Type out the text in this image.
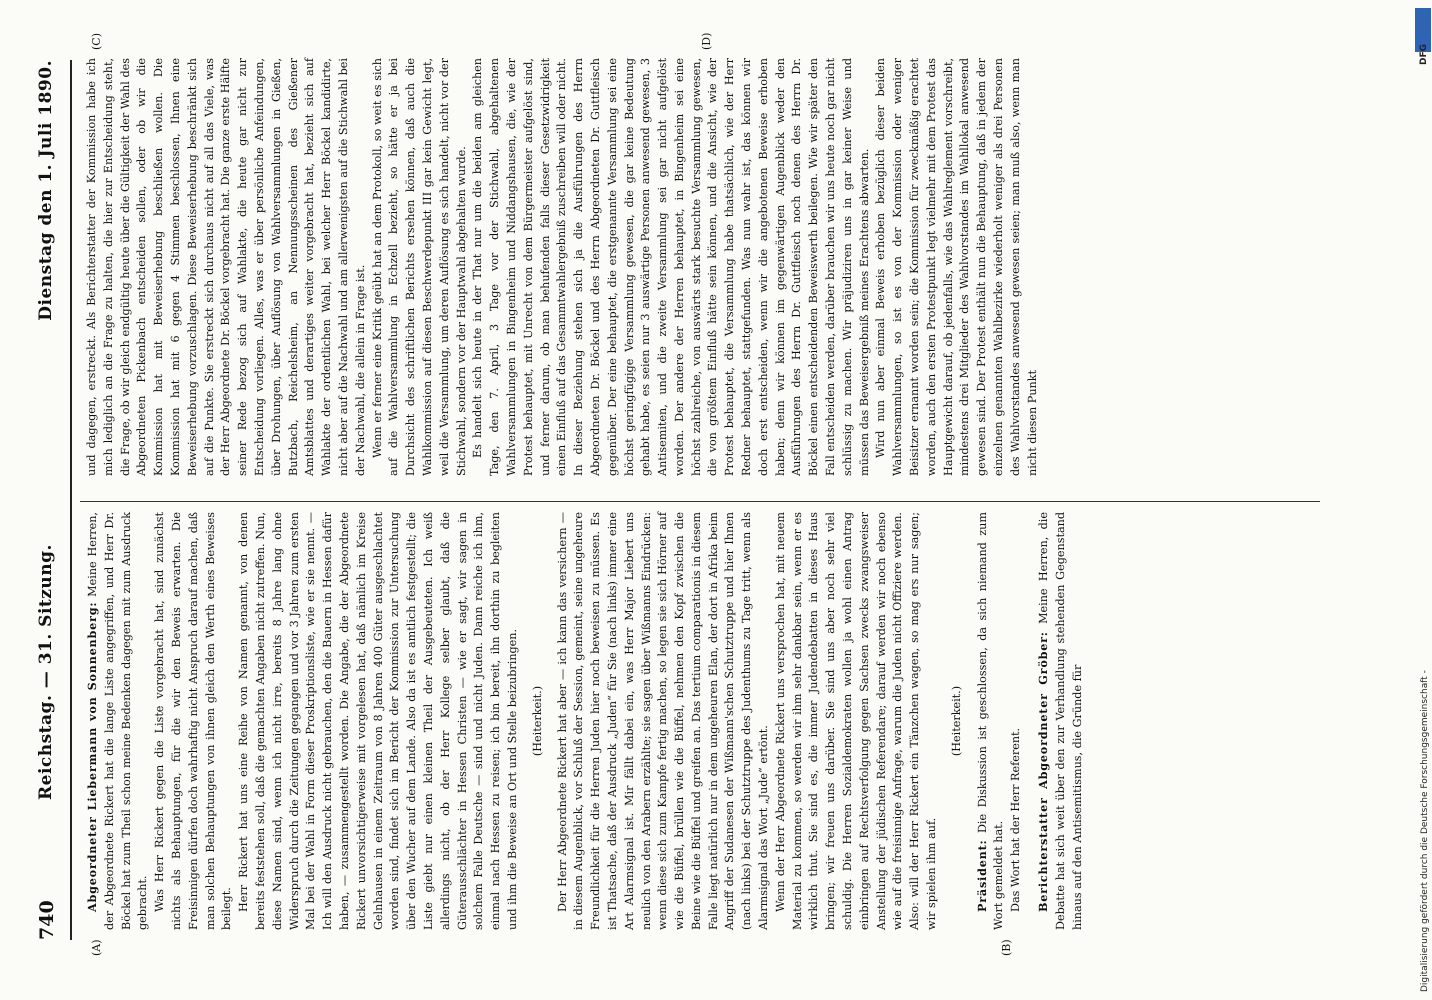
740
Reichstag. — 31. Sitzung.
Dienstag den 1. Juli 1890.
(A)	(B)
(C)	(D)

Abgeordneter Liebermann von Sonnenberg: Meine Herren, der Abgeordnete Rickert hat die lange Liste angegriffen, und Herr Dr. Böckel hat zum Theil schon meine Bedenken dagegen mit zum Ausdruck gebracht. Was Herr Rickert gegen die Liste vorgebracht hat, sind zunächst nichts als Behauptungen, für die wir den Beweis erwarten. Die Freisinnigen dürfen doch wahrhaftig nicht Anspruch darauf machen, daß man solchen Behauptungen von ihnen gleich den Werth eines Beweises beilegt. Herr Rickert hat uns eine Reihe von Namen genannt, von denen bereits feststehen soll, daß die gemachten Angaben nicht zutreffen. Nun, diese Namen sind, wenn ich nicht irre, bereits 8 Jahre lang ohne Widerspruch durch die Zeitungen gegangen und vor 3 Jahren zum ersten Mal bei der Wahl in Form dieser Proskriptionsliste, wie er sie nennt. — Ich will den Ausdruck nicht gebrauchen, den die Bauern in Hessen dafür haben, — zusammengestellt worden. Die Angabe, die der Abgeordnete Rickert unvorsichtigerweise mit vorgelesen hat, daß nämlich im Kreise Gelnhausen in einem Zeitraum von 8 Jahren 400 Güter ausgeschlachtet worden sind, findet sich im Bericht der Kommission zur Untersuchung über den Wucher auf dem Lande. Also da ist es amtlich festgestellt; die Liste giebt nur einen kleinen Theil der Ausgebeuteten. Ich weiß allerdings nicht, ob der Herr Kollege selber glaubt, daß die Güterausschlächter in Hessen Christen — wie er sagt, wir sagen in solchem Falle Deutsche — sind und nicht Juden. Dann reiche ich ihm, einmal nach Hessen zu reisen; ich bin bereit, ihn dorthin zu begleiten und ihm die Beweise an Ort und Stelle beizubringen. (Heiterkeit.) Der Herr Abgeordnete Rickert hat aber — ich kann das versichern — in diesem Augenblick, vor Schluß der Session, gemeint, seine ungeheure Freundlichkeit für die Herren Juden hier noch beweisen zu müssen. Es ist Thatsache, daß der Ausdruck „Juden“ für Sie (nach links) immer eine Art Alarmsignal ist. Mir fällt dabei ein, was Herr Major Liebert uns neulich von den Arabern erzählte; sie sagen über Wißmanns Eindrücken: wenn diese sich zum Kampfe fertig machen, so legen sie sich Hörner auf wie die Büffel, brüllen wie die Büffel, nehmen den Kopf zwischen die Beine wie die Büffel und greifen an. Das tertium comparationis in diesem Falle liegt natürlich nur in dem ungeheuren Elan, der dort in Afrika beim Angriff der Sudanesen der Wißmann'schen Schutztruppe und hier Ihnen (nach links) bei der Schutztruppe des Judenthums zu Tage tritt, wenn als Alarmsignal das Wort „Jude“ ertönt. Wenn der Herr Abgeordnete Rickert uns versprochen hat, mit neuem Material zu kommen, so werden wir ihm sehr dankbar sein, wenn er es wirklich thut. Sie sind es, die immer Judendebatten in dieses Haus bringen; wir freuen uns darüber. Sie sind uns aber noch sehr viel schuldig. Die Herren Sozialdemokraten wollen ja wohl einen Antrag einbringen auf Rechtsverfolgung gegen Sachsen zwecks zwangsweiser Anstellung der jüdischen Referendare; darauf werden wir noch ebenso wie auf die freisinnige Anfrage, warum die Juden nicht Offiziere werden. Also: will der Herr Rickert ein Tänzchen wagen, so mag ers nur sagen; wir spielen ihm auf.

(Heiterkeit.)

Präsident: Die Diskussion ist geschlossen, da sich niemand zum Wort gemeldet hat. Das Wort hat der Herr Referent. Berichterstatter Abgeordneter Gröber: Meine Herren, die Debatte hat sich weit über den zur Verhandlung stehenden Gegenstand hinaus auf den Antisemitismus, die Gründe für

und dagegen, erstreckt. Als Berichterstatter der Kommission habe ich mich lediglich an die Frage zu halten, die hier zur Entscheidung steht, die Frage, ob wir gleich endgültig heute über die Gültigkeit der Wahl des Abgeordneten Pickenbach entscheiden sollen, oder ob wir die Kommission hat mit Beweiserhebung beschließen wollen. Die Kommission hat mit 6 gegen 4 Stimmen beschlossen, Ihnen eine Beweiserhebung vorzuschlagen. Diese Beweiserhebung beschränkt sich auf die Punkte. Sie erstreckt sich durchaus nicht auf all das Viele, was der Herr Abgeordnete Dr. Böckel vorgebracht hat. Die ganze erste Hälfte seiner Rede bezog sich auf Wahlakte, die heute gar nicht zur Entscheidung vorliegen. Alles, was er über persönliche Anfeindungen, über Drohungen, über Auflösung von Wahlversammlungen in Gießen, Butzbach, Reichelsheim, an Nennungsscheinen des Gießener Amtsblattes und derartiges weiter vorgebracht hat, bezieht sich auf Wahlakte der ordentlichen Wahl, bei welcher Herr Böckel kandidirte, nicht aber auf die Nachwahl und am allerwenigsten auf die Stichwahl bei der Nachwahl, die allein in Frage ist. Wenn er ferner eine Kritik geübt hat an dem Protokoll, so weit es sich auf die Wahlversammlung in Echzell bezieht, so hätte er ja bei Durchsicht des schriftlichen Berichts ersehen können, daß auch die Wahlkommission auf diesen Beschwerdepunkt III gar kein Gewicht legt, weil die Versammlung, um deren Auflösung es sich handelt, nicht vor der Stichwahl, sondern vor der Hauptwahl abgehalten wurde. Es handelt sich heute in der That nur um die beiden am gleichen Tage, den 7. April, 3 Tage vor der Stichwahl, abgehaltenen Wahlversammlungen in Bingenheim und Niddangshausen, die, wie der Protest behauptet, mit Unrecht von dem Bürgermeister aufgelöst sind, und ferner darum, ob man behufenden falls dieser Gesetzwidrigkeit einen Einfluß auf das Gesammtwahlergebniß zuschreiben will oder nicht. In dieser Beziehung stehen sich ja die Ausführungen des Herrn Abgeordneten Dr. Böckel und des Herrn Abgeordneten Dr. Guttfleisch gegenüber. Der eine behauptet, die erstgenannte Versammlung sei eine höchst geringfügige Versammlung gewesen, die gar keine Bedeutung gehabt habe, es seien nur 3 auswärtige Personen anwesend gewesen, 3 Antisemiten, und die zweite Versammlung sei gar nicht aufgelöst worden. Der andere der Herren behauptet, in Bingenheim sei eine höchst zahlreiche, von auswärts stark besuchte Versammlung gewesen, die von größtem Einfluß hätte sein können, und die Ansicht, wie der Protest behauptet, die Versammlung habe thatsächlich, wie der Herr Redner behauptet, stattgefunden. Was nun wahr ist, das können wir doch erst entscheiden, wenn wir die angebotenen Beweise erhoben haben; denn wir können im gegenwärtigen Augenblick weder den Ausführungen des Herrn Dr. Guttfleisch noch denen des Herrn Dr. Böckel einen entscheidenden Beweiswerth beilegen. Wie wir später den Fall entscheiden werden, darüber brauchen wir uns heute noch gar nicht schlüssig zu machen. Wir präjudiziren uns in gar keiner Weise und müssen das Beweisergebniß meines Erachtens abwarten. Wird nun aber einmal Beweis erhoben bezüglich dieser beiden Wahlversammlungen, so ist es von der Kommission oder weniger Beisitzer ernannt worden sein; die Kommission für zweckmäßig erachtet worden, auch den ersten Protestpunkt legt vielmehr mit dem Protest das Hauptgewicht darauf, ob jedenfalls, wie das Wahlreglement vorschreibt, mindestens drei Mitglieder des Wahlvorstandes im Wahllokal anwesend gewesen sind. Der Protest enthält nun die Behauptung, daß in jedem der einzelnen genannten Wahlbezirke wiederholt weniger als drei Personen des Wahlvorstandes anwesend gewesen seien; man muß also, wenn man nicht diesen Punkt

DFG
Digitalisierung gefördert durch die Deutsche Forschungsgemeinschaft -
